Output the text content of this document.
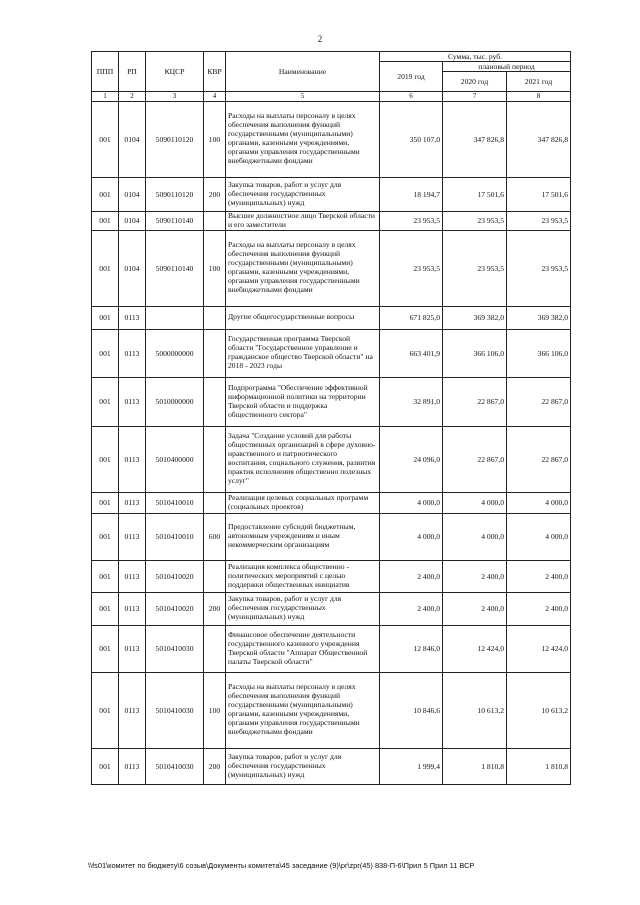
2
ППП	РП	КЦСР	КВР	Наименование	Сумма, тыс. руб.		
					2019 год	плановый период	
						2020 год	2021 год
1	2	3	4	5	6	7	8
001	0104	5090110120	100	Расходы на выплаты персоналу в целях обеспечения выполнения функций государственными (муниципальными) органами, казенными учреждениями, органами управления государственными внебюджетными фондами	350 107,0	347 826,8	347 826,8
001	0104	5090110120	200	Закупка товаров, работ и услуг для обеспечения государственных (муниципальных) нужд	18 194,7	17 501,6	17 501,6
001	0104	5090110140		Высшее должностное лицо Тверской области и его заместители	23 953,5	23 953,5	23 953,5
001	0104	5090110140	100	Расходы на выплаты персоналу в целях обеспечения выполнения функций государственными (муниципальными) органами, казенными учреждениями, органами управления государственными внебюджетными фондами	23 953,5	23 953,5	23 953,5
001	0113			Другие общегосударственные вопросы	671 825,0	369 382,0	369 382,0
001	0113	5000000000		Государственная программа Тверской области "Государственное управление и гражданское общество Тверской области" на 2018 - 2023 годы	663 401,9	366 106,0	366 106,0
001	0113	5010000000		Подпрограмма "Обеспечение эффективной информационной политики на территории Тверской области и поддержка общественного сектора"	32 891,0	22 867,0	22 867,0
001	0113	5010400000		Задача "Создание условий для работы общественных организаций в сфере духовно-нравственного и патриотического воспитания, социального служения, развития практик исполнения общественно полезных услуг"	24 096,0	22 867,0	22 867,0
001	0113	5010410010		Реализация целевых социальных программ (социальных проектов)	4 000,0	4 000,0	4 000,0
001	0113	5010410010	600	Предоставление субсидий бюджетным, автономным учреждениям и иным некоммерческим организациям	4 000,0	4 000,0	4 000,0
001	0113	5010410020		Реализация комплекса общественно - политических мероприятий с целью поддержки общественных инициатив	2 400,0	2 400,0	2 400,0
001	0113	5010410020	200	Закупка товаров, работ и услуг для обеспечения государственных (муниципальных) нужд	2 400,0	2 400,0	2 400,0
001	0113	5010410030		Финансовое обеспечение деятельности государственного казенного учреждения Тверской области "Аппарат Общественной палаты Тверской области"	12 846,0	12 424,0	12 424,0
001	0113	5010410030	100	Расходы на выплаты персоналу в целях обеспечения выполнения функций государственными (муниципальными) органами, казенными учреждениями, органами управления государственными внебюджетными фондами	10 846,6	10 613,2	10 613,2
001	0113	5010410030	200	Закупка товаров, работ и услуг для обеспечения государственных (муниципальных) нужд	1 999,4	1 810,8	1 810,8
\\fs01\комитет по бюджету\6 созыв\Документы комитета\45 заседание (9)\pr\zpr(45) 838-П-6\Прил 5 Прил 11 ВСР
